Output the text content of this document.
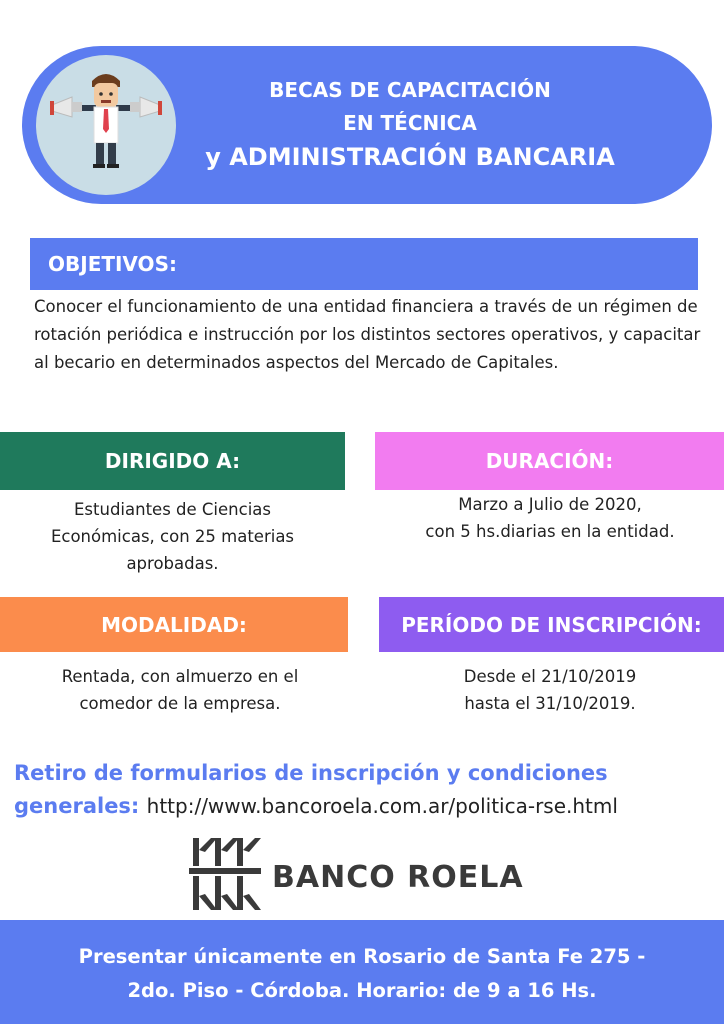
BECAS DE CAPACITACIÓN
EN TÉCNICA
y ADMINISTRACIÓN BANCARIA
OBJETIVOS:
Conocer el funcionamiento de una entidad financiera a través de un régimen de rotación periódica e instrucción por los distintos sectores operativos, y capacitar al becario en determinados aspectos del Mercado de Capitales.
DIRIGIDO A:	DURACIÓN:
Estudiantes de Ciencias
Económicas, con 25 materias
aprobadas.
Marzo a Julio de 2020,
con 5 hs.diarias en la entidad.
MODALIDAD:	PERÍODO DE INSCRIPCIÓN:
Rentada, con almuerzo en el
comedor de la empresa.
Desde el 21/10/2019
hasta el 31/10/2019.
Retiro de formularios de inscripción y condiciones generales: http://www.bancoroela.com.ar/politica-rse.html
BANCO ROELA
Presentar únicamente en Rosario de Santa Fe 275 -
2do. Piso - Córdoba. Horario: de 9 a 16 Hs.
